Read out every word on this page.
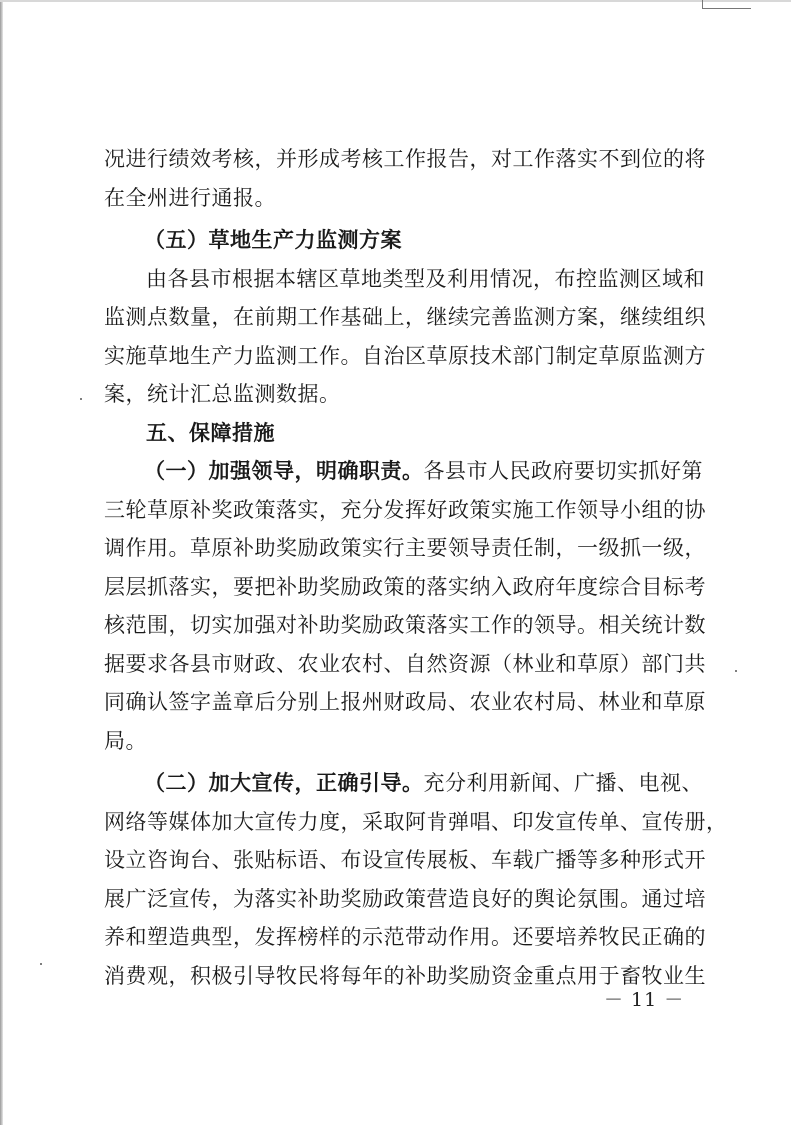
况进行绩效考核，并形成考核工作报告，对工作落实不到位的将
在全州进行通报。
（五）草地生产力监测方案
由各县市根据本辖区草地类型及利用情况，布控监测区域和
监测点数量，在前期工作基础上，继续完善监测方案，继续组织
实施草地生产力监测工作。自治区草原技术部门制定草原监测方
案，统计汇总监测数据。
五、保障措施
（一）加强领导，明确职责。各县市人民政府要切实抓好第
三轮草原补奖政策落实，充分发挥好政策实施工作领导小组的协
调作用。草原补助奖励政策实行主要领导责任制，一级抓一级，
层层抓落实，要把补助奖励政策的落实纳入政府年度综合目标考
核范围，切实加强对补助奖励政策落实工作的领导。相关统计数
据要求各县市财政、农业农村、自然资源（林业和草原）部门共
同确认签字盖章后分别上报州财政局、农业农村局、林业和草原
局。
（二）加大宣传，正确引导。充分利用新闻、广播、电视、
网络等媒体加大宣传力度，采取阿肯弹唱、印发宣传单、宣传册，
设立咨询台、张贴标语、布设宣传展板、车载广播等多种形式开
展广泛宣传，为落实补助奖励政策营造良好的舆论氛围。通过培
养和塑造典型，发挥榜样的示范带动作用。还要培养牧民正确的
消费观，积极引导牧民将每年的补助奖励资金重点用于畜牧业生
－ 11 －
